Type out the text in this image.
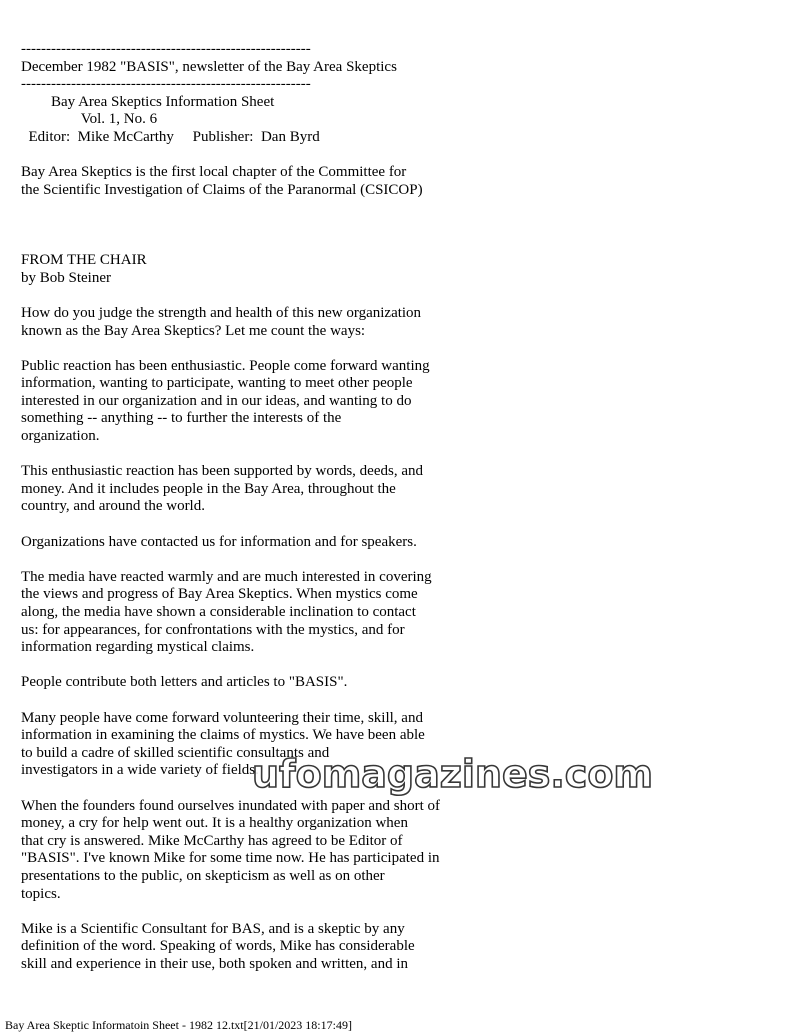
----------------------------------------------------------
December 1982 "BASIS", newsletter of the Bay Area Skeptics
----------------------------------------------------------
Bay Area Skeptics Information Sheet
Vol. 1, No. 6
Editor:  Mike McCarthy     Publisher:  Dan Byrd
Bay Area Skeptics is the first local chapter of the Committee for
the Scientific Investigation of Claims of the Paranormal (CSICOP)
FROM THE CHAIR
by Bob Steiner
How do you judge the strength and health of this new organization
known as the Bay Area Skeptics? Let me count the ways:
Public reaction has been enthusiastic. People come forward wanting
information, wanting to participate, wanting to meet other people
interested in our organization and in our ideas, and wanting to do
something -- anything -- to further the interests of the
organization.
This enthusiastic reaction has been supported by words, deeds, and
money. And it includes people in the Bay Area, throughout the
country, and around the world.
Organizations have contacted us for information and for speakers.
The media have reacted warmly and are much interested in covering
the views and progress of Bay Area Skeptics. When mystics come
along, the media have shown a considerable inclination to contact
us: for appearances, for confrontations with the mystics, and for
information regarding mystical claims.
People contribute both letters and articles to "BASIS".
Many people have come forward volunteering their time, skill, and
information in examining the claims of mystics. We have been able
to build a cadre of skilled scientific consultants and
investigators in a wide variety of fields.
When the founders found ourselves inundated with paper and short of
money, a cry for help went out. It is a healthy organization when
that cry is answered. Mike McCarthy has agreed to be Editor of
"BASIS". I've known Mike for some time now. He has participated in
presentations to the public, on skepticism as well as on other
topics.
Mike is a Scientific Consultant for BAS, and is a skeptic by any
definition of the word. Speaking of words, Mike has considerable
skill and experience in their use, both spoken and written, and in
ufomagazines.com
Bay Area Skeptic Informatoin Sheet - 1982 12.txt[21/01/2023 18:17:49]
